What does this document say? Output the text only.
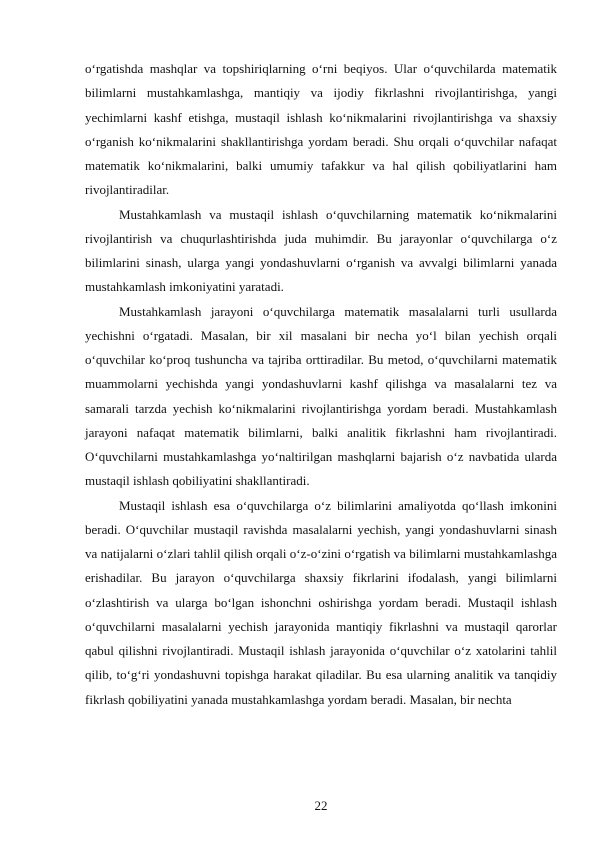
o‘rgatishda mashqlar va topshiriqlarning o‘rni beqiyos. Ular o‘quvchilarda matematik bilimlarni mustahkamlashga, mantiqiy va ijodiy fikrlashni rivojlantirishga, yangi yechimlarni kashf etishga, mustaqil ishlash ko‘nikmalarini rivojlantirishga va shaxsiy o‘rganish ko‘nikmalarini shakllantirishga yordam beradi. Shu orqali o‘quvchilar nafaqat matematik ko‘nikmalarini, balki umumiy tafakkur va hal qilish qobiliyatlarini ham rivojlantiradilar.

Mustahkamlash va mustaqil ishlash o‘quvchilarning matematik ko‘nikmalarini rivojlantirish va chuqurlashtirishda juda muhimdir. Bu jarayonlar o‘quvchilarga o‘z bilimlarini sinash, ularga yangi yondashuvlarni o‘rganish va avvalgi bilimlarni yanada mustahkamlash imkoniyatini yaratadi.

Mustahkamlash jarayoni o‘quvchilarga matematik masalalarni turli usullarda yechishni o‘rgatadi. Masalan, bir xil masalani bir necha yo‘l bilan yechish orqali o‘quvchilar ko‘proq tushuncha va tajriba orttiradilar. Bu metod, o‘quvchilarni matematik muammolarni yechishda yangi yondashuvlarni kashf qilishga va masalalarni tez va samarali tarzda yechish ko‘nikmalarini rivojlantirishga yordam beradi. Mustahkamlash jarayoni nafaqat matematik bilimlarni, balki analitik fikrlashni ham rivojlantiradi. O‘quvchilarni mustahkamlashga yo‘naltirilgan mashqlarni bajarish o‘z navbatida ularda mustaqil ishlash qobiliyatini shakllantiradi.

Mustaqil ishlash esa o‘quvchilarga o‘z bilimlarini amaliyotda qo‘llash imkonini beradi. O‘quvchilar mustaqil ravishda masalalarni yechish, yangi yondashuvlarni sinash va natijalarni o‘zlari tahlil qilish orqali o‘z-o‘zini o‘rgatish va bilimlarni mustahkamlashga erishadilar. Bu jarayon o‘quvchilarga shaxsiy fikrlarini ifodalash, yangi bilimlarni o‘zlashtirish va ularga bo‘lgan ishonchni oshirishga yordam beradi. Mustaqil ishlash o‘quvchilarni masalalarni yechish jarayonida mantiqiy fikrlashni va mustaqil qarorlar qabul qilishni rivojlantiradi. Mustaqil ishlash jarayonida o‘quvchilar o‘z xatolarini tahlil qilib, to‘g‘ri yondashuvni topishga harakat qiladilar. Bu esa ularning analitik va tanqidiy fikrlash qobiliyatini yanada mustahkamlashga yordam beradi. Masalan, bir nechta

22
